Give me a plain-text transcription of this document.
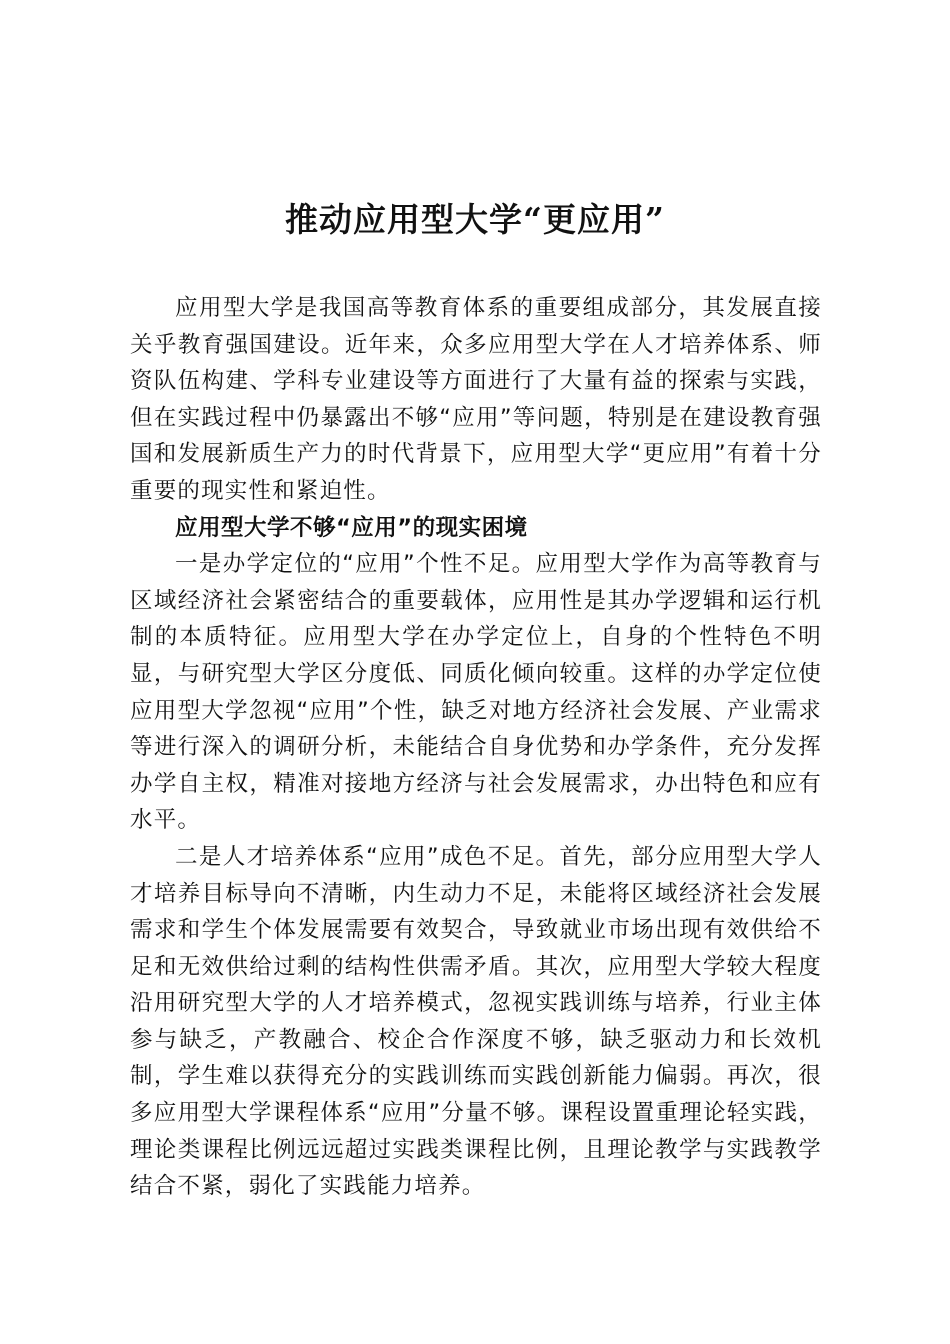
推动应用型大学“更应用”

应用型大学是我国高等教育体系的重要组成部分，其发展直接关乎教育强国建设。近年来，众多应用型大学在人才培养体系、师资队伍构建、学科专业建设等方面进行了大量有益的探索与实践，但在实践过程中仍暴露出不够“应用”等问题，特别是在建设教育强国和发展新质生产力的时代背景下，应用型大学“更应用”有着十分重要的现实性和紧迫性。

应用型大学不够“应用”的现实困境

一是办学定位的“应用”个性不足。应用型大学作为高等教育与区域经济社会紧密结合的重要载体，应用性是其办学逻辑和运行机制的本质特征。应用型大学在办学定位上，自身的个性特色不明显，与研究型大学区分度低、同质化倾向较重。这样的办学定位使应用型大学忽视“应用”个性，缺乏对地方经济社会发展、产业需求等进行深入的调研分析，未能结合自身优势和办学条件，充分发挥办学自主权，精准对接地方经济与社会发展需求，办出特色和应有水平。

二是人才培养体系“应用”成色不足。首先，部分应用型大学人才培养目标导向不清晰，内生动力不足，未能将区域经济社会发展需求和学生个体发展需要有效契合，导致就业市场出现有效供给不足和无效供给过剩的结构性供需矛盾。其次，应用型大学较大程度沿用研究型大学的人才培养模式，忽视实践训练与培养，行业主体参与缺乏，产教融合、校企合作深度不够，缺乏驱动力和长效机制，学生难以获得充分的实践训练而实践创新能力偏弱。再次，很多应用型大学课程体系“应用”分量不够。课程设置重理论轻实践，理论类课程比例远远超过实践类课程比例，且理论教学与实践教学结合不紧，弱化了实践能力培养。
